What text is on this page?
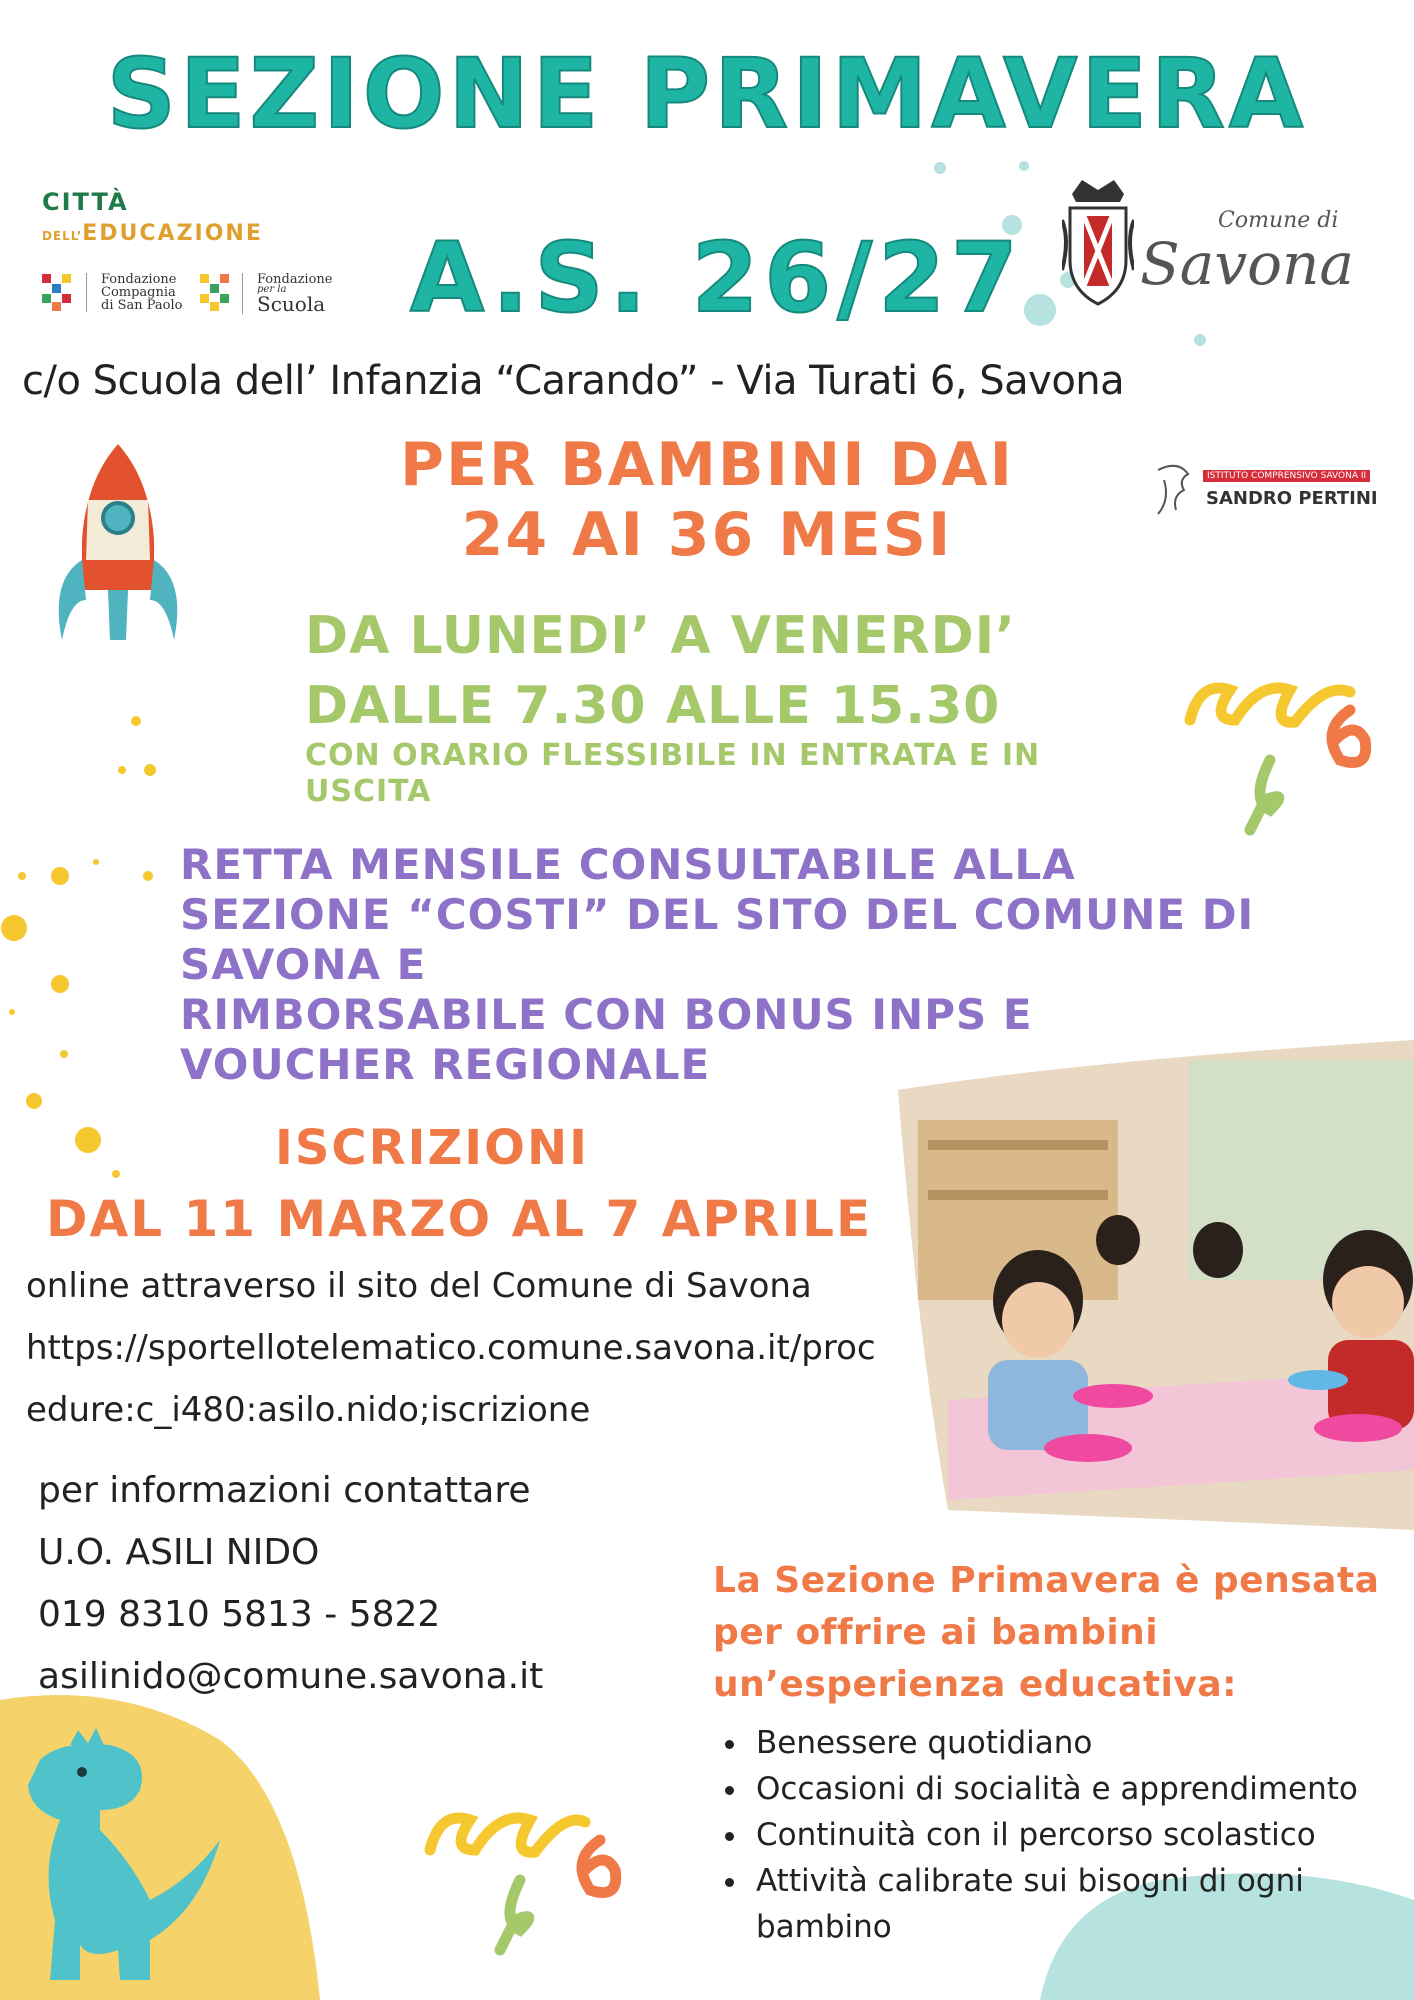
SEZIONE PRIMAVERA
CITTÀ
DELL’EDUCAZIONE
Fondazione
Compagnia
di San Paolo
Fondazione
per la
Scuola A.S. 26/27
Comune di
Savona
c/o Scuola dell’ Infanzia “Carando” - Via Turati 6, Savona
PER BAMBINI DAI
24 AI 36 MESI
ISTITUTO COMPRENSIVO SAVONA II
SANDRO PERTINI
DA LUNEDI’ A VENERDI’
DALLE 7.30 ALLE 15.30
CON ORARIO FLESSIBILE IN ENTRATA E IN USCITA
RETTA MENSILE CONSULTABILE ALLA
SEZIONE “COSTI” DEL SITO DEL COMUNE DI
SAVONA E
RIMBORSABILE CON BONUS INPS E
VOUCHER REGIONALE
ISCRIZIONI
DAL 11 MARZO AL 7 APRILE
online attraverso il sito del Comune di Savona
https://sportellotelematico.comune.savona.it/procedure:c_i480:asilo.nido;iscrizione
per informazioni contattare
U.O. ASILI NIDO
019 8310 5813 - 5822
asilinido@comune.savona.it
La Sezione Primavera è pensata per offrire ai bambini un’esperienza educativa:
• Benessere quotidiano
• Occasioni di socialità e apprendimento
• Continuità con il percorso scolastico
• Attività calibrate sui bisogni di ogni bambino
